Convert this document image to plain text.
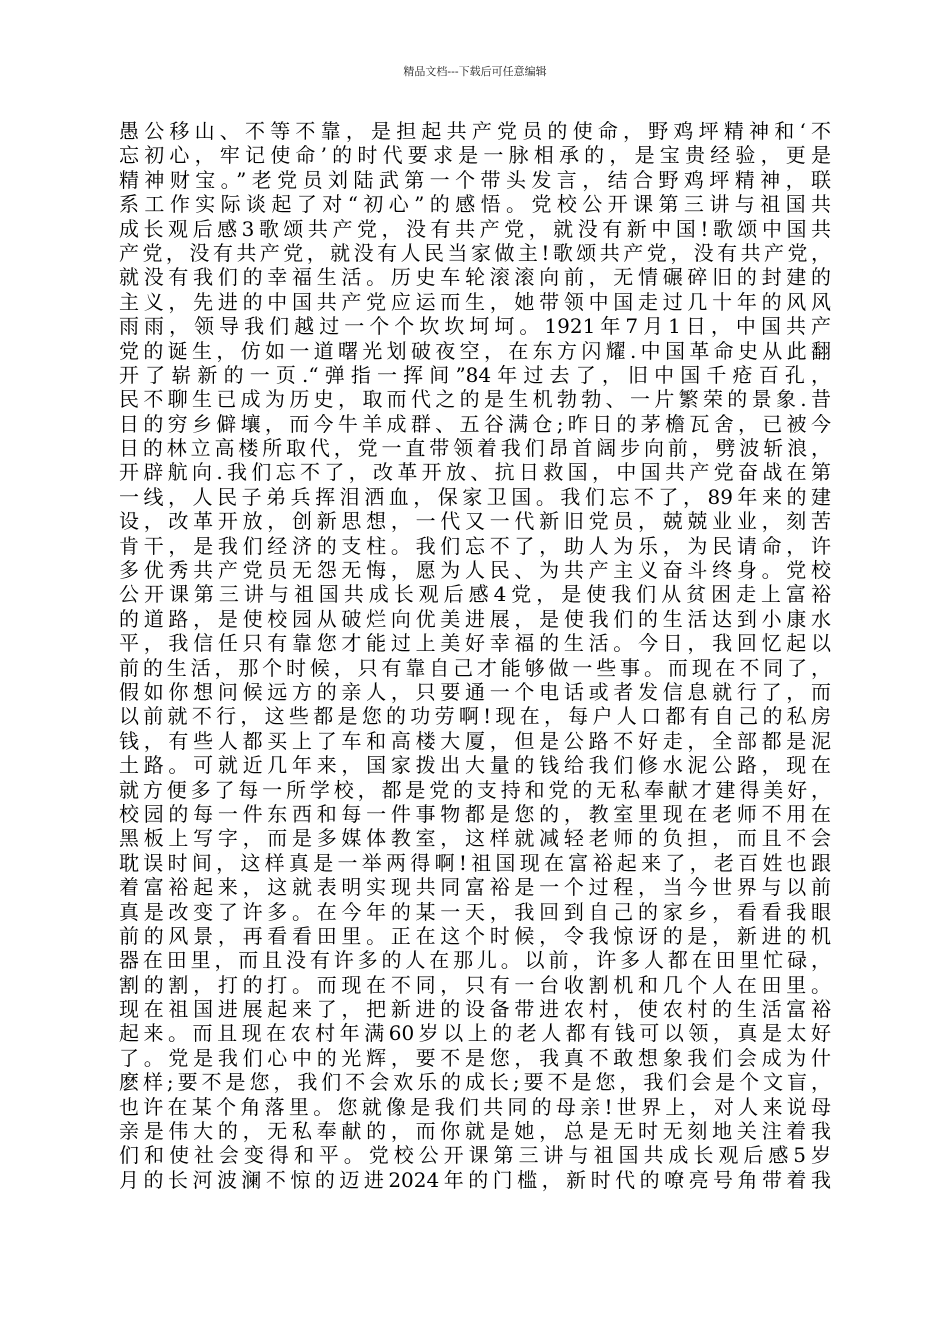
精品文档---下载后可任意编辑
愚公移山、不等不靠，是担起共产党员的使命，野鸡坪精神和‘不
忘初心，牢记使命’的时代要求是一脉相承的，是宝贵经验，更是
精神财宝。”老党员刘陆武第一个带头发言，结合野鸡坪精神，联
系工作实际谈起了对“初心”的感悟。党校公开课第三讲与祖国共
成长观后感3歌颂共产党，没有共产党，就没有新中国!歌颂中国共
产党，没有共产党，就没有人民当家做主!歌颂共产党，没有共产党，
就没有我们的幸福生活。历史车轮滚滚向前，无情碾碎旧的封建的
主义，先进的中国共产党应运而生，她带领中国走过几十年的风风
雨雨，领导我们越过一个个坎坎坷坷。1921年7月1日，中国共产
党的诞生，仿如一道曙光划破夜空，在东方闪耀.中国革命史从此翻
开了崭新的一页.“弹指一挥间”84年过去了，旧中国千疮百孔，
民不聊生已成为历史，取而代之的是生机勃勃、一片繁荣的景象.昔
日的穷乡僻壤，而今牛羊成群、五谷满仓;昨日的茅檐瓦舍，已被今
日的林立高楼所取代，党一直带领着我们昂首阔步向前，劈波斩浪，
开辟航向.我们忘不了，改革开放、抗日救国，中国共产党奋战在第
一线，人民子弟兵挥泪洒血，保家卫国。我们忘不了，89年来的建
设，改革开放，创新思想，一代又一代新旧党员，兢兢业业，刻苦
肯干，是我们经济的支柱。我们忘不了，助人为乐，为民请命，许
多优秀共产党员无怨无悔，愿为人民、为共产主义奋斗终身。党校
公开课第三讲与祖国共成长观后感4党，是使我们从贫困走上富裕
的道路，是使校园从破烂向优美进展，是使我们的生活达到小康水
平，我信任只有靠您才能过上美好幸福的生活。今日，我回忆起以
前的生活，那个时候，只有靠自己才能够做一些事。而现在不同了，
假如你想问候远方的亲人，只要通一个电话或者发信息就行了，而
以前就不行，这些都是您的功劳啊!现在，每户人口都有自己的私房
钱，有些人都买上了车和高楼大厦，但是公路不好走，全部都是泥
土路。可就近几年来，国家拨出大量的钱给我们修水泥公路，现在
就方便多了每一所学校，都是党的支持和党的无私奉献才建得美好，
校园的每一件东西和每一件事物都是您的，教室里现在老师不用在
黑板上写字，而是多媒体教室，这样就减轻老师的负担，而且不会
耽误时间，这样真是一举两得啊!祖国现在富裕起来了，老百姓也跟
着富裕起来，这就表明实现共同富裕是一个过程，当今世界与以前
真是改变了许多。在今年的某一天，我回到自己的家乡，看看我眼
前的风景，再看看田里。正在这个时候，令我惊讶的是，新进的机
器在田里，而且没有许多的人在那儿。以前，许多人都在田里忙碌，
割的割，打的打。而现在不同，只有一台收割机和几个人在田里。
现在祖国进展起来了，把新进的设备带进农村，使农村的生活富裕
起来。而且现在农村年满60岁以上的老人都有钱可以领，真是太好
了。党是我们心中的光辉，要不是您，我真不敢想象我们会成为什
麽样;要不是您，我们不会欢乐的成长;要不是您，我们会是个文盲，
也许在某个角落里。您就像是我们共同的母亲!世界上，对人来说母
亲是伟大的，无私奉献的，而你就是她，总是无时无刻地关注着我
们和使社会变得和平。党校公开课第三讲与祖国共成长观后感5岁
月的长河波澜不惊的迈进2024年的门槛，新时代的嘹亮号角带着我
